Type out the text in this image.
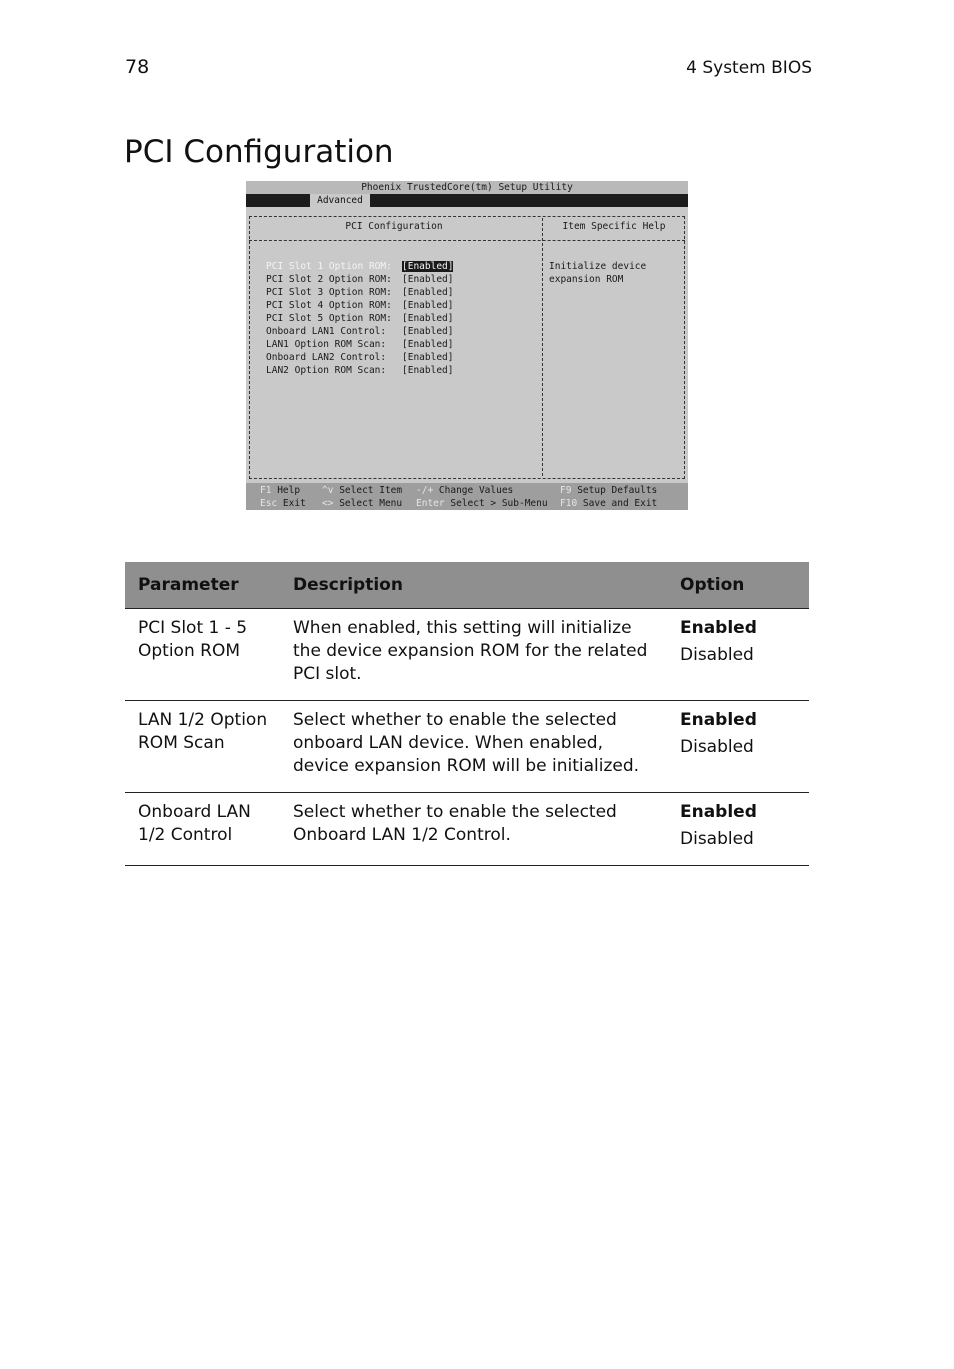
78	4 System BIOS
PCI Configuration
Phoenix TrustedCore(tm) Setup Utility
Advanced
PCI Configuration	Item Specific Help
PCI Slot 1 Option ROM: [Enabled]
PCI Slot 2 Option ROM: [Enabled]
PCI Slot 3 Option ROM: [Enabled]
PCI Slot 4 Option ROM: [Enabled]
PCI Slot 5 Option ROM: [Enabled]
Onboard LAN1 Control: [Enabled]
LAN1 Option ROM Scan: [Enabled]
Onboard LAN2 Control: [Enabled]
LAN2 Option ROM Scan: [Enabled]
Initialize device
expansion ROM
F1 Help ^v Select Item -/+ Change Values	F9 Setup Defaults
Esc Exit <> Select Menu Enter Select > Sub-Menu F10 Save and Exit
Parameter	Description	Option
PCI Slot 1 - 5 Option ROM	When enabled, this setting will initialize the device expansion ROM for the related PCI slot.	Enabled
Disabled

LAN 1/2 Option ROM Scan	Select whether to enable the selected onboard LAN device. When enabled, device expansion ROM will be initialized.	Enabled
Disabled

Onboard LAN 1/2 Control	Select whether to enable the selected Onboard LAN 1/2 Control.	Enabled
Disabled
